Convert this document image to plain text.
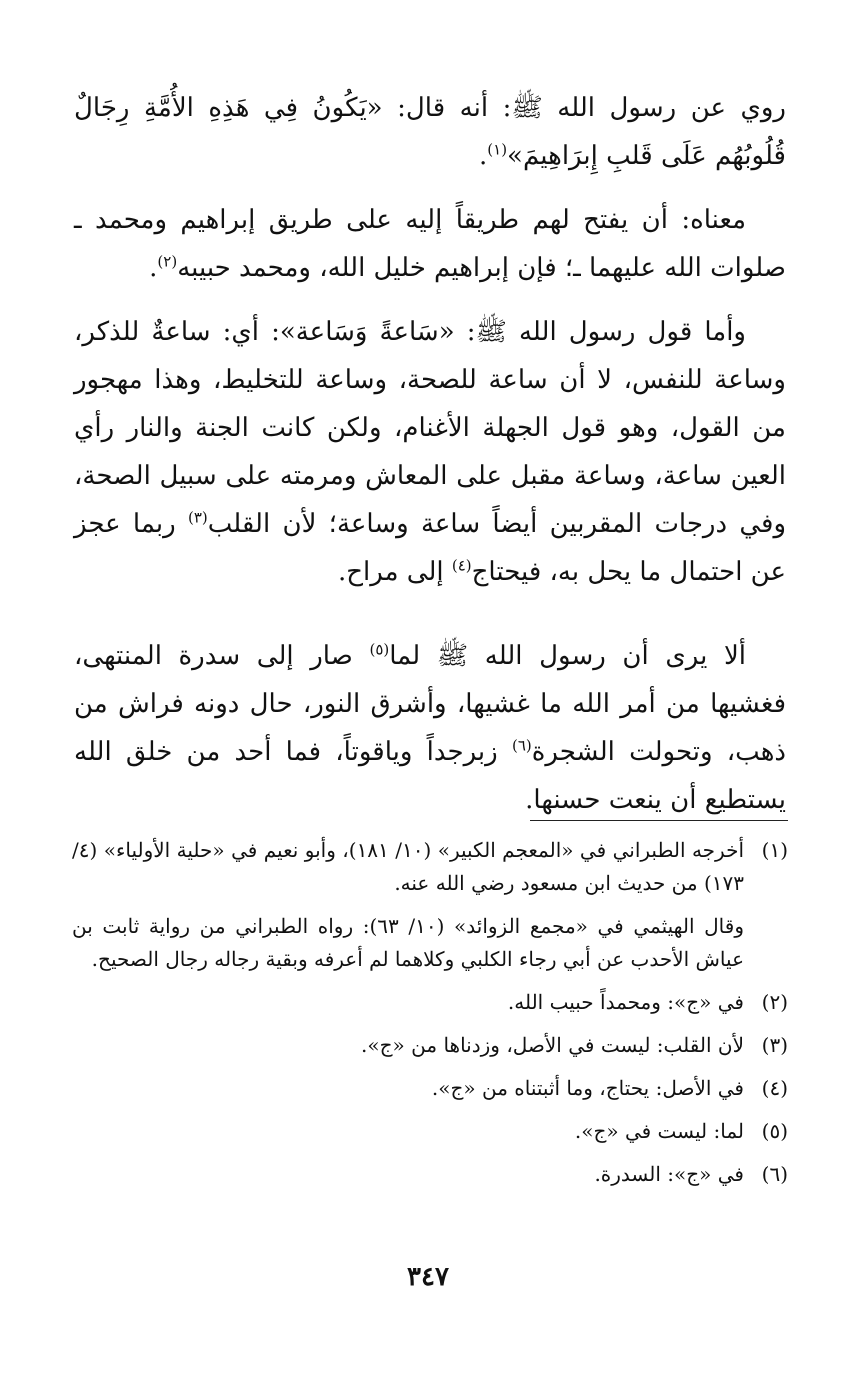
روي عن رسول الله ﷺ: أنه قال: «يَكُونُ فِي هَذِهِ الأُمَّةِ رِجَالٌ قُلُوبُهُم عَلَى قَلبِ إِبرَاهِيمَ»$^{(١)}$.

معناه: أن يفتح لهم طريقاً إليه على طريق إبراهيم ومحمد ـ صلوات الله عليهما ـ؛ فإن إبراهيم خليل الله، ومحمد حبيبه$^{(٢)}$.

وأما قول رسول الله ﷺ: «سَاعةً وَسَاعة»: أي: ساعةٌ للذكر، وساعة للنفس، لا أن ساعة للصحة، وساعة للتخليط، وهذا مهجور من القول، وهو قول الجهلة الأغنام، ولكن كانت الجنة والنار رأي العين ساعة، وساعة مقبل على المعاش ومرمته على سبيل الصحة، وفي درجات المقربين أيضاً ساعة وساعة؛ لأن القلب$^{(٣)}$ ربما عجز عن احتمال ما يحل به، فيحتاج$^{(٤)}$ إلى مراح.

ألا يرى أن رسول الله ﷺ لما$^{(٥)}$ صار إلى سدرة المنتهى، فغشيها من أمر الله ما غشيها، وأشرق النور، حال دونه فراش من ذهب، وتحولت الشجرة$^{(٦)}$ زبرجداً وياقوتاً، فما أحد من خلق الله يستطيع أن ينعت حسنها.

(١)
أخرجه الطبراني في «المعجم الكبير» (١٠/ ١٨١)، وأبو نعيم في «حلية الأولياء» (٤/ ١٧٣) من حديث ابن مسعود رضي الله عنه.
وقال الهيثمي في «مجمع الزوائد» (١٠/ ٦٣): رواه الطبراني من رواية ثابت بن عياش الأحدب عن أبي رجاء الكلبي وكلاهما لم أعرفه وبقية رجاله رجال الصحيح.
(٢)
في «ج»: ومحمداً حبيب الله.
(٣)
لأن القلب: ليست في الأصل، وزدناها من «ج».
(٤)
في الأصل: يحتاج، وما أثبتناه من «ج».
(٥)
لما: ليست في «ج».
(٦)
في «ج»: السدرة.
٣٤٧
